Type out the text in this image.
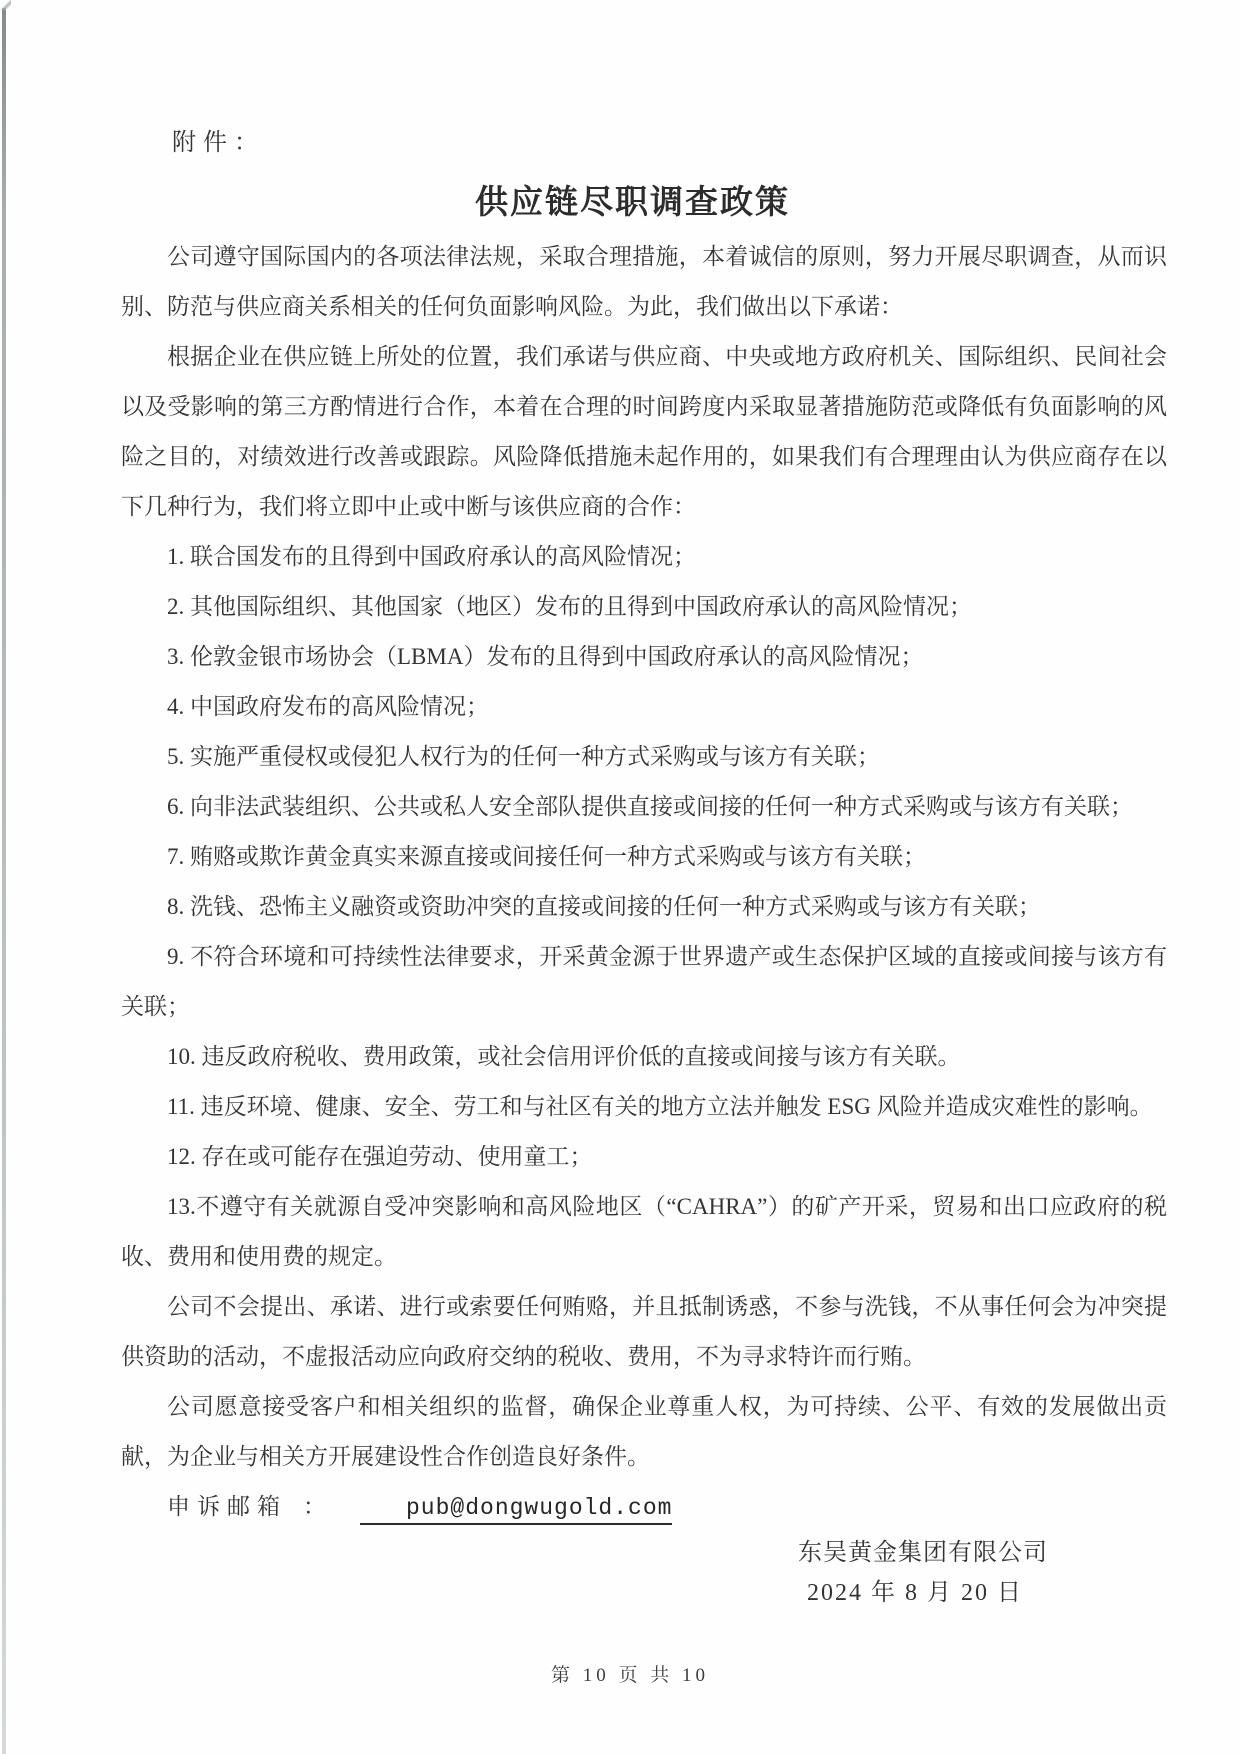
附件：
供应链尽职调查政策

公司遵守国际国内的各项法律法规，采取合理措施，本着诚信的原则，努力开展尽职调查，从而识别、防范与供应商关系相关的任何负面影响风险。为此，我们做出以下承诺：

根据企业在供应链上所处的位置，我们承诺与供应商、中央或地方政府机关、国际组织、民间社会以及受影响的第三方酌情进行合作，本着在合理的时间跨度内采取显著措施防范或降低有负面影响的风险之目的，对绩效进行改善或跟踪。风险降低措施未起作用的，如果我们有合理理由认为供应商存在以下几种行为，我们将立即中止或中断与该供应商的合作：

1. 联合国发布的且得到中国政府承认的高风险情况；

2. 其他国际组织、其他国家（地区）发布的且得到中国政府承认的高风险情况；

3. 伦敦金银市场协会（LBMA）发布的且得到中国政府承认的高风险情况；

4. 中国政府发布的高风险情况；

5. 实施严重侵权或侵犯人权行为的任何一种方式采购或与该方有关联；

6. 向非法武装组织、公共或私人安全部队提供直接或间接的任何一种方式采购或与该方有关联；

7. 贿赂或欺诈黄金真实来源直接或间接任何一种方式采购或与该方有关联；

8. 洗钱、恐怖主义融资或资助冲突的直接或间接的任何一种方式采购或与该方有关联；

9. 不符合环境和可持续性法律要求，开采黄金源于世界遗产或生态保护区域的直接或间接与该方有关联；

10. 违反政府税收、费用政策，或社会信用评价低的直接或间接与该方有关联。

11. 违反环境、健康、安全、劳工和与社区有关的地方立法并触发 ESG 风险并造成灾难性的影响。

12. 存在或可能存在强迫劳动、使用童工；

13.不遵守有关就源自受冲突影响和高风险地区（“CAHRA”）的矿产开采，贸易和出口应政府的税收、费用和使用费的规定。

公司不会提出、承诺、进行或索要任何贿赂，并且抵制诱惑，不参与洗钱，不从事任何会为冲突提供资助的活动，不虚报活动应向政府交纳的税收、费用，不为寻求特许而行贿。

公司愿意接受客户和相关组织的监督，确保企业尊重人权，为可持续、公平、有效的发展做出贡献，为企业与相关方开展建设性合作创造良好条件。

申诉邮箱 ：	pub@dongwugold.com

东吴黄金集团有限公司
2024 年 8 月 20 日
第 10 页 共 10
